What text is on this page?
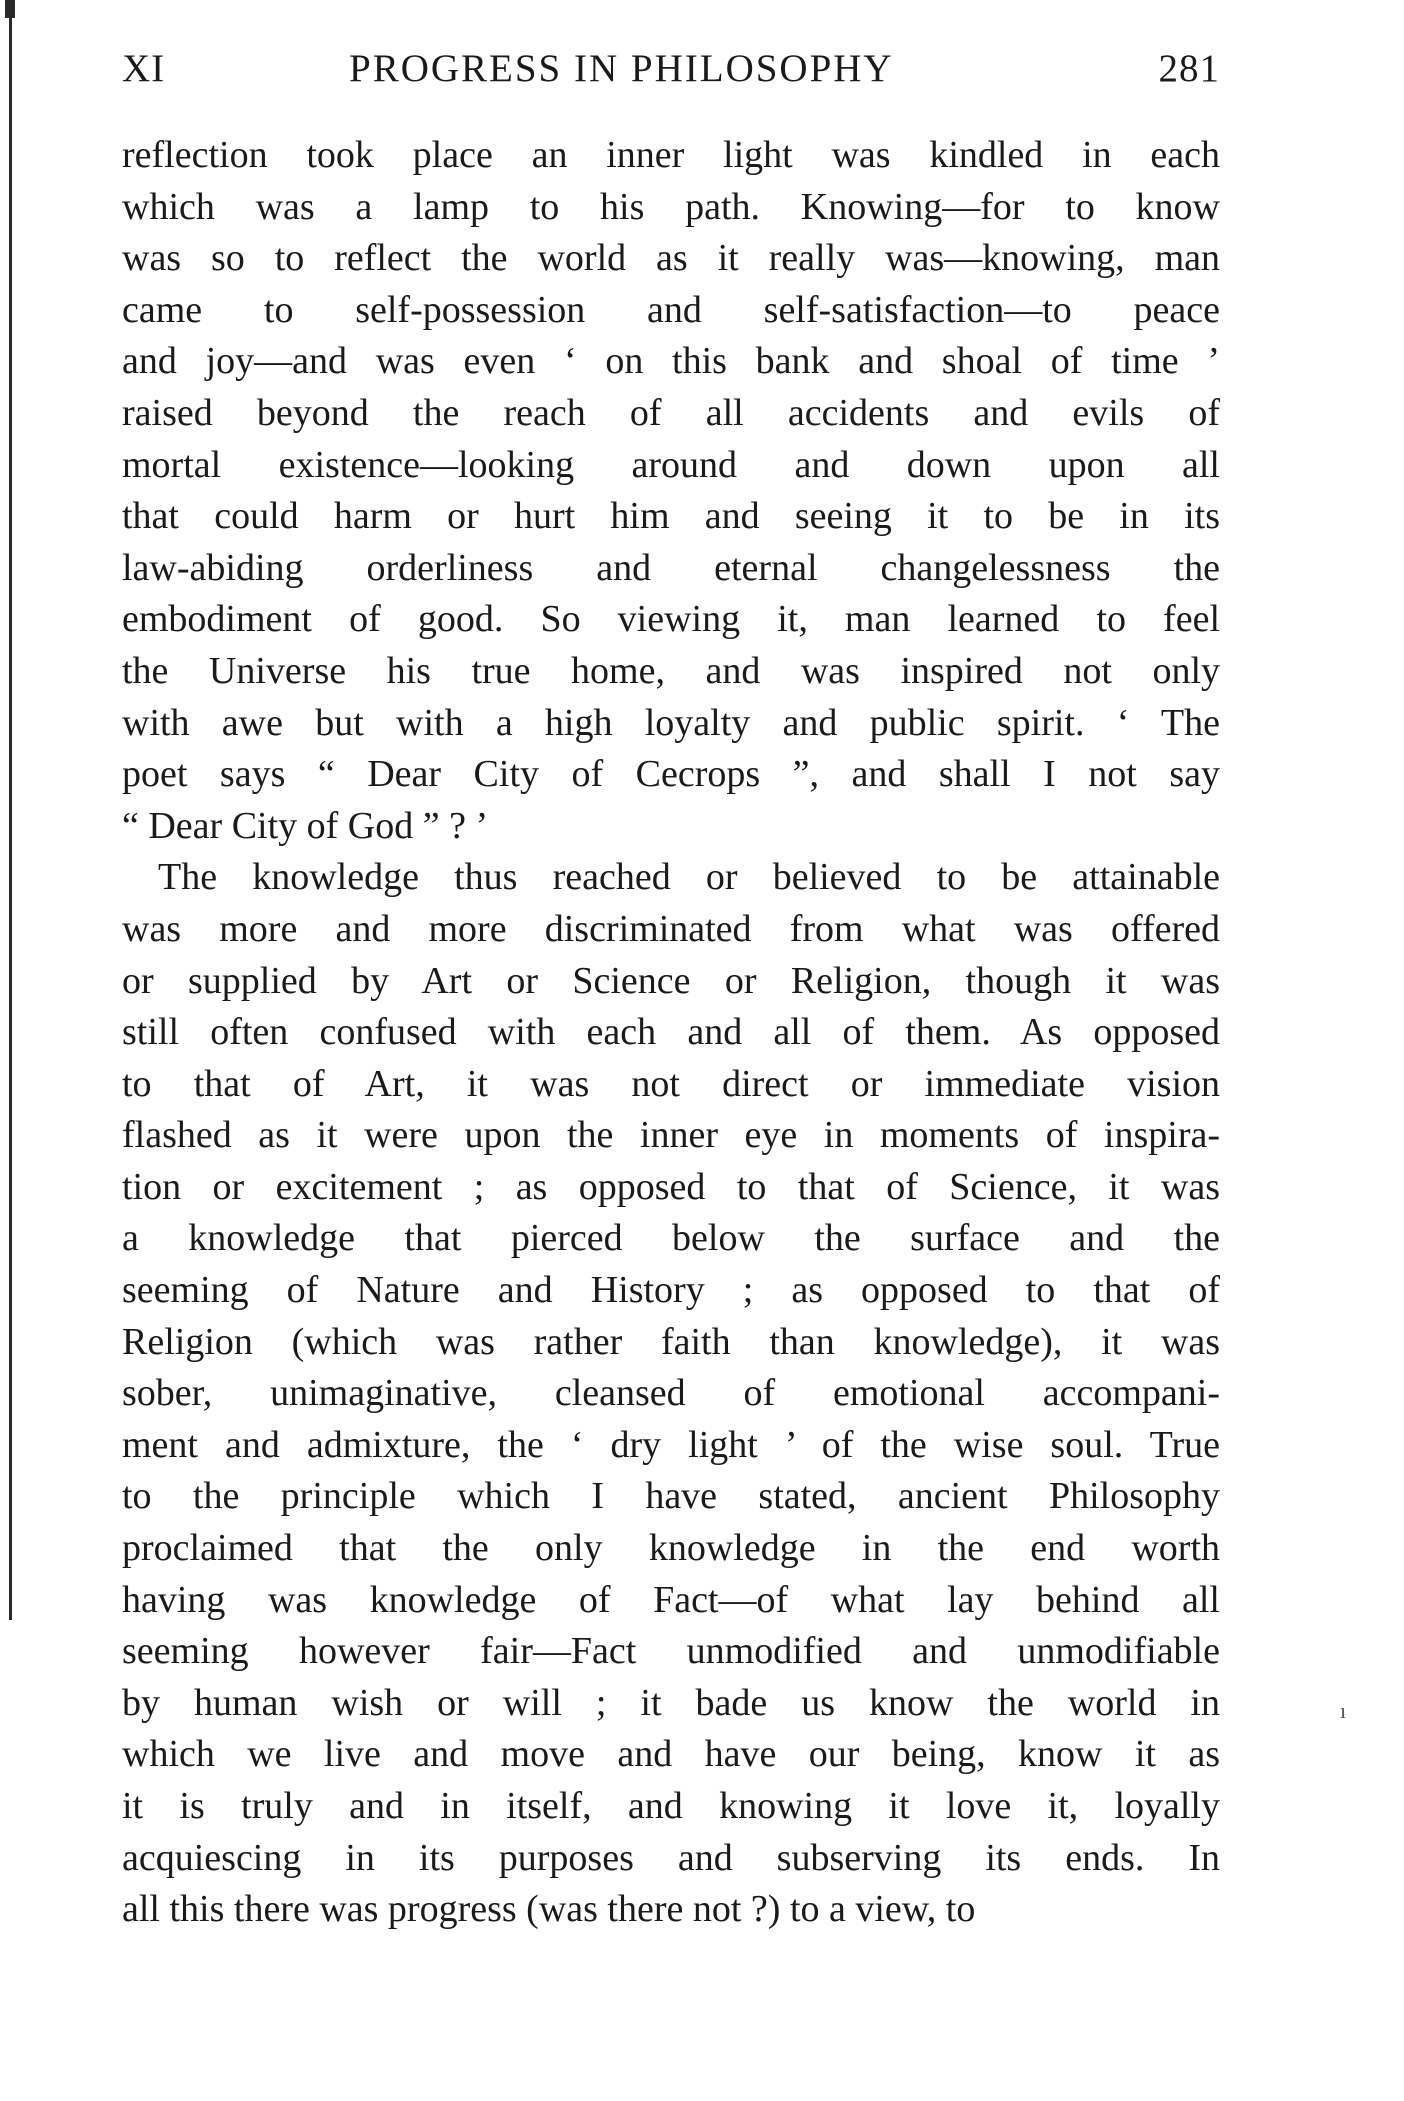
XI	PROGRESS IN PHILOSOPHY	281
reflection took place an inner light was kindled in each
which was a lamp to his path. Knowing—for to know
was so to reflect the world as it really was—knowing, man
came to self-possession and self-satisfaction—to peace
and joy—and was even ‘ on this bank and shoal of time ’
raised beyond the reach of all accidents and evils of
mortal existence—looking around and down upon all
that could harm or hurt him and seeing it to be in its
law-abiding orderliness and eternal changelessness the
embodiment of good. So viewing it, man learned to feel
the Universe his true home, and was inspired not only
with awe but with a high loyalty and public spirit. ‘ The
poet says “ Dear City of Cecrops ”, and shall I not say
“ Dear City of God ” ? ’
The knowledge thus reached or believed to be attainable
was more and more discriminated from what was offered
or supplied by Art or Science or Religion, though it was
still often confused with each and all of them. As opposed
to that of Art, it was not direct or immediate vision
flashed as it were upon the inner eye in moments of inspira-
tion or excitement ; as opposed to that of Science, it was
a knowledge that pierced below the surface and the
seeming of Nature and History ; as opposed to that of
Religion (which was rather faith than knowledge), it was
sober, unimaginative, cleansed of emotional accompani-
ment and admixture, the ‘ dry light ’ of the wise soul. True
to the principle which I have stated, ancient Philosophy
proclaimed that the only knowledge in the end worth
having was knowledge of Fact—of what lay behind all
seeming however fair—Fact unmodified and unmodifiable
by human wish or will ; it bade us know the world in
which we live and move and have our being, know it as
it is truly and in itself, and knowing it love it, loyally
acquiescing in its purposes and subserving its ends. In
all this there was progress (was there not ?) to a view, to
ı
